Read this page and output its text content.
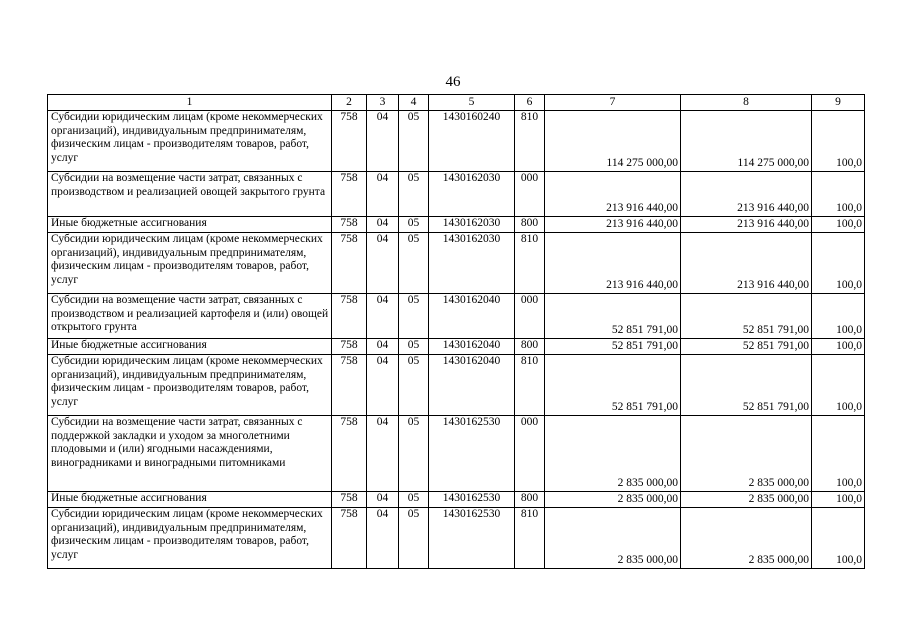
46
1	2	3	4	5	6	7	8	9
Субсидии юридическим лицам (кроме некоммерческих организаций), индивидуальным предпринимателям, физическим лицам - производителям товаров, работ, услуг	758	04	05	1430160240	810	114 275 000,00	114 275 000,00	100,0
Субсидии на возмещение части затрат, связанных с производством и реализацией овощей закрытого грунта	758	04	05	1430162030	000	213 916 440,00	213 916 440,00	100,0
Иные бюджетные ассигнования	758	04	05	1430162030	800	213 916 440,00	213 916 440,00	100,0
Субсидии юридическим лицам (кроме некоммерческих организаций), индивидуальным предпринимателям, физическим лицам - производителям товаров, работ, услуг	758	04	05	1430162030	810	213 916 440,00	213 916 440,00	100,0
Субсидии на возмещение части затрат, связанных с производством и реализацией картофеля и (или) овощей открытого грунта	758	04	05	1430162040	000	52 851 791,00	52 851 791,00	100,0
Иные бюджетные ассигнования	758	04	05	1430162040	800	52 851 791,00	52 851 791,00	100,0
Субсидии юридическим лицам (кроме некоммерческих организаций), индивидуальным предпринимателям, физическим лицам - производителям товаров, работ, услуг	758	04	05	1430162040	810	52 851 791,00	52 851 791,00	100,0
Субсидии на возмещение части затрат, связанных с поддержкой закладки и уходом за многолетними плодовыми и (или) ягодными насаждениями, виноградниками и виноградными питомниками	758	04	05	1430162530	000	2 835 000,00	2 835 000,00	100,0
Иные бюджетные ассигнования	758	04	05	1430162530	800	2 835 000,00	2 835 000,00	100,0
Субсидии юридическим лицам (кроме некоммерческих организаций), индивидуальным предпринимателям, физическим лицам - производителям товаров, работ, услуг	758	04	05	1430162530	810	2 835 000,00	2 835 000,00	100,0
